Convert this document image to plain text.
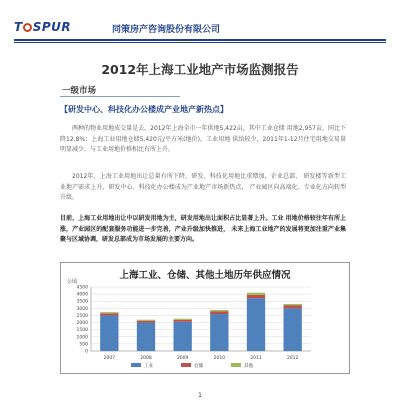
T SPUR	同策房产咨询股份有限公司
2012年上海工业地产市场监测报告
一级市场
【研发中心、科技化办公楼成产业地产新热点】

两种的物业用地成交量是去，2012年上海全市一年供地5,422亩，其中工业仓储 用地2,957亩，同比下降12.8%；上海工业用地仓储5,420元/平方米(地价)，工业用地 供给较少，2011年1-12月住宅用地交易量明显减少，与工业用地价格相比有所上升。

2012年，上海工业用地出让总量有所下降，研发、科技化用地比重增加，企业总部、 研发楼等新型工业地产需求上升，研发中心、科技化办公楼成为产业地产市场新热点， 产业园区向高端化、专业化方向转型升级。

目前，上海工业用地出让中以研发用地为主，研发用地出让面积占比显著上升。工业 用地价格较往年有所上涨，产业园区的配套服务功能进一步完善，产业升级加快推进， 未来上海工业地产的发展将更加注重产业集聚与区域协调，研发总部成为市场发展的主要方向。

上海工业、仓储、其他土地历年供应情况
公顷
0
500
1000
1500
2000
2500
3000
3500
4000
4500
2007	2008	2009	2010	2011	2012
工业	仓储	其他
1
